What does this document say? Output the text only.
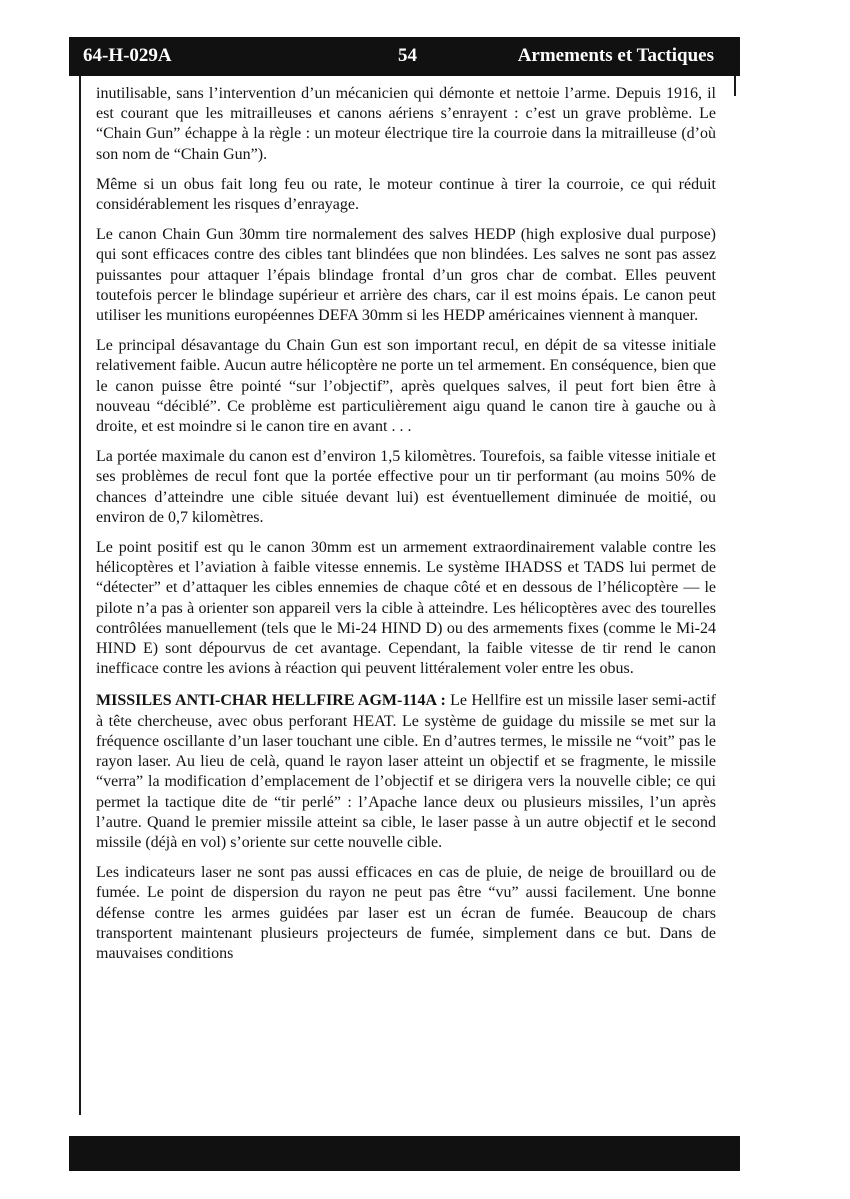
64-H-029A	54	Armements et Tactiques

inutilisable, sans l’intervention d’un mécanicien qui démonte et nettoie l’arme. Depuis 1916, il est courant que les mitrailleuses et canons aériens s’enrayent : c’est un grave problème. Le “Chain Gun” échappe à la règle : un moteur électrique tire la courroie dans la mitrailleuse (d’où son nom de “Chain Gun”).

Même si un obus fait long feu ou rate, le moteur continue à tirer la courroie, ce qui réduit considérablement les risques d’enrayage.

Le canon Chain Gun 30mm tire normalement des salves HEDP (high explosive dual purpose) qui sont efficaces contre des cibles tant blindées que non blindées. Les salves ne sont pas assez puissantes pour attaquer l’épais blindage frontal d’un gros char de combat. Elles peuvent toutefois percer le blindage supérieur et arrière des chars, car il est moins épais. Le canon peut utiliser les munitions européennes DEFA 30mm si les HEDP américaines viennent à manquer.

Le principal désavantage du Chain Gun est son important recul, en dépit de sa vitesse initiale relativement faible. Aucun autre hélicoptère ne porte un tel armement. En conséquence, bien que le canon puisse être pointé “sur l’objectif”, après quelques salves, il peut fort bien être à nouveau “déciblé”. Ce problème est particulièrement aigu quand le canon tire à gauche ou à droite, et est moindre si le canon tire en avant . . .

La portée maximale du canon est d’environ 1,5 kilomètres. Tourefois, sa faible vitesse initiale et ses problèmes de recul font que la portée effective pour un tir performant (au moins 50% de chances d’atteindre une cible située devant lui) est éventuellement diminuée de moitié, ou environ de 0,7 kilomètres.

Le point positif est qu le canon 30mm est un armement extraordinairement valable contre les hélicoptères et l’aviation à faible vitesse ennemis. Le système IHADSS et TADS lui permet de “détecter” et d’attaquer les cibles ennemies de chaque côté et en dessous de l’hélicoptère — le pilote n’a pas à orienter son appareil vers la cible à atteindre. Les hélicoptères avec des tourelles contrôlées manuellement (tels que le Mi-24 HIND D) ou des armements fixes (comme le Mi-24 HIND E) sont dépourvus de cet avantage. Cependant, la faible vitesse de tir rend le canon inefficace contre les avions à réaction qui peuvent littéralement voler entre les obus.

MISSILES ANTI-CHAR HELLFIRE AGM-114A : Le Hellfire est un missile laser semi-actif à tête chercheuse, avec obus perforant HEAT. Le système de guidage du missile se met sur la fréquence oscillante d’un laser touchant une cible. En d’autres termes, le missile ne “voit” pas le rayon laser. Au lieu de celà, quand le rayon laser atteint un objectif et se fragmente, le missile “verra” la modification d’emplacement de l’objectif et se dirigera vers la nouvelle cible; ce qui permet la tactique dite de “tir perlé” : l’Apache lance deux ou plusieurs missiles, l’un après l’autre. Quand le premier missile atteint sa cible, le laser passe à un autre objectif et le second missile (déjà en vol) s’oriente sur cette nouvelle cible.

Les indicateurs laser ne sont pas aussi efficaces en cas de pluie, de neige de brouillard ou de fumée. Le point de dispersion du rayon ne peut pas être “vu” aussi facilement. Une bonne défense contre les armes guidées par laser est un écran de fumée. Beaucoup de chars transportent maintenant plusieurs projecteurs de fumée, simplement dans ce but. Dans de mauvaises conditions
